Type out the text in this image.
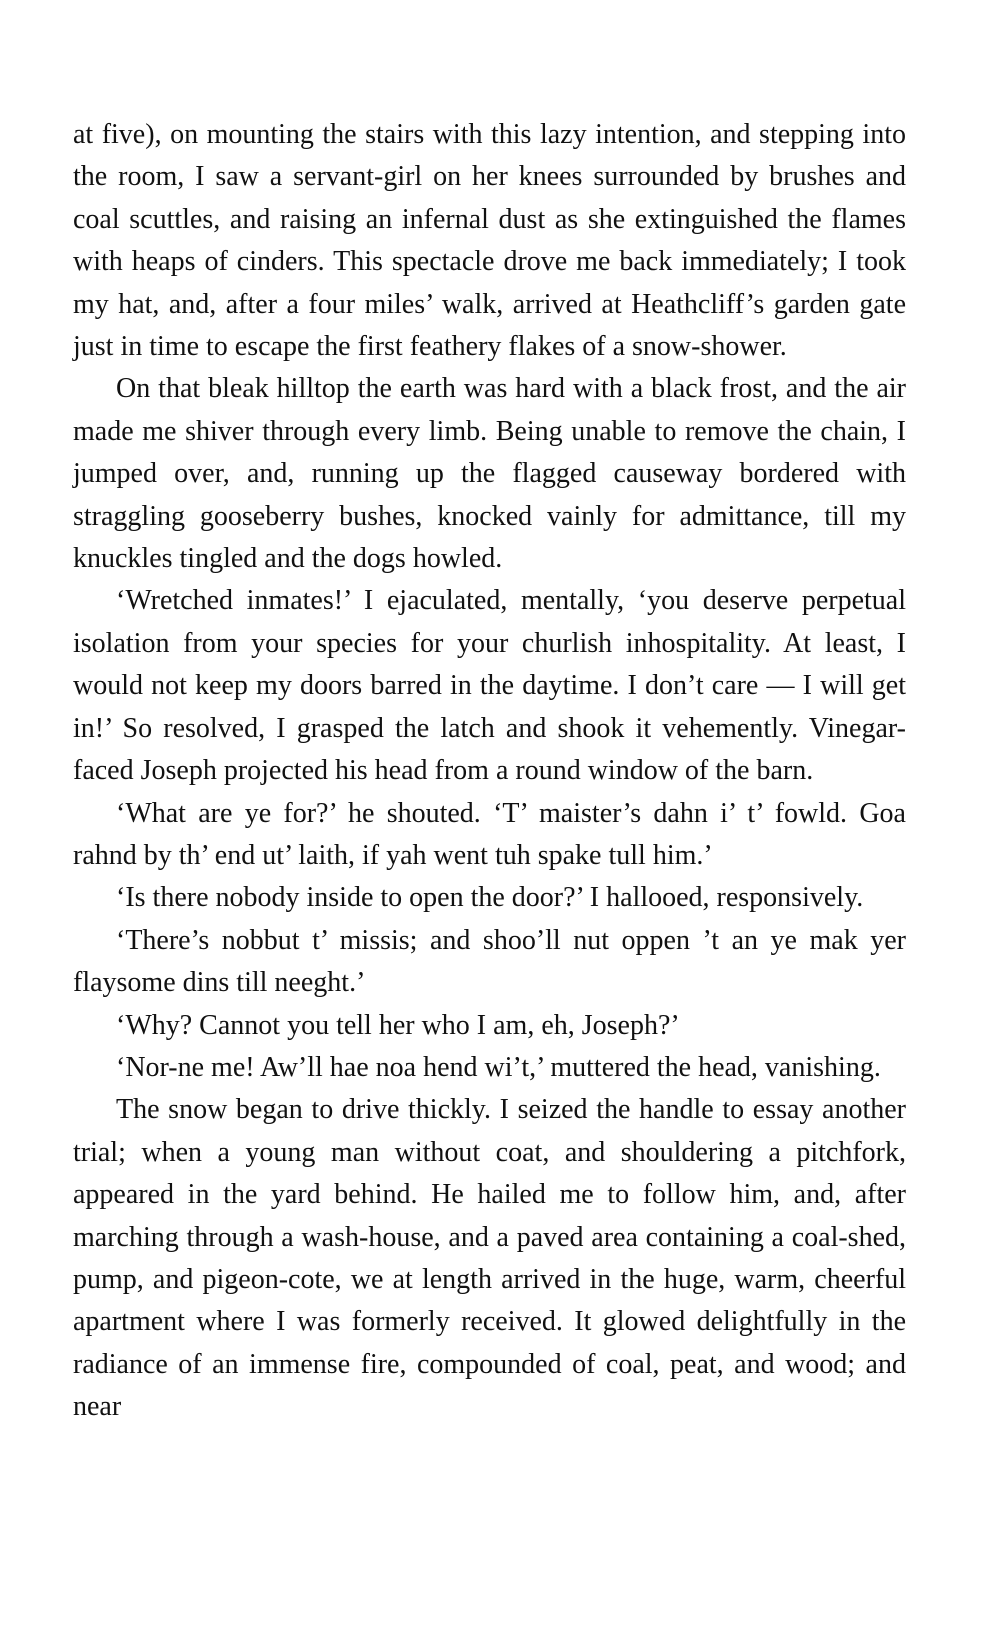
at five), on mounting the stairs with this lazy intention, and stepping into the room, I saw a servant-girl on her knees surrounded by brushes and coal scuttles, and raising an infernal dust as she extinguished the flames with heaps of cinders. This spectacle drove me back immediately; I took my hat, and, after a four miles’ walk, arrived at Heathcliff’s garden gate just in time to escape the first feathery flakes of a snow-shower.

On that bleak hilltop the earth was hard with a black frost, and the air made me shiver through every limb. Being unable to remove the chain, I jumped over, and, running up the flagged causeway bordered with straggling gooseberry bushes, knocked vainly for admittance, till my knuckles tingled and the dogs howled.

‘Wretched inmates!’ I ejaculated, mentally, ‘you deserve perpetual isolation from your species for your churlish inhospitality. At least, I would not keep my doors barred in the daytime. I don’t care — I will get in!’ So resolved, I grasped the latch and shook it vehemently. Vinegar-faced Joseph projected his head from a round window of the barn.

‘What are ye for?’ he shouted. ‘T’ maister’s dahn i’ t’ fowld. Goa rahnd by th’ end ut’ laith, if yah went tuh spake tull him.’

‘Is there nobody inside to open the door?’ I hallooed, responsively.

‘There’s nobbut t’ missis; and shoo’ll nut oppen ’t an ye mak yer flaysome dins till neeght.’

‘Why? Cannot you tell her who I am, eh, Joseph?’

‘Nor-ne me! Aw’ll hae noa hend wi’t,’ muttered the head, vanishing.

The snow began to drive thickly. I seized the handle to essay another trial; when a young man without coat, and shouldering a pitchfork, appeared in the yard behind. He hailed me to follow him, and, after marching through a wash-house, and a paved area containing a coal-shed, pump, and pigeon-cote, we at length arrived in the huge, warm, cheerful apartment where I was formerly received. It glowed delightfully in the radiance of an immense fire, compounded of coal, peat, and wood; and near
